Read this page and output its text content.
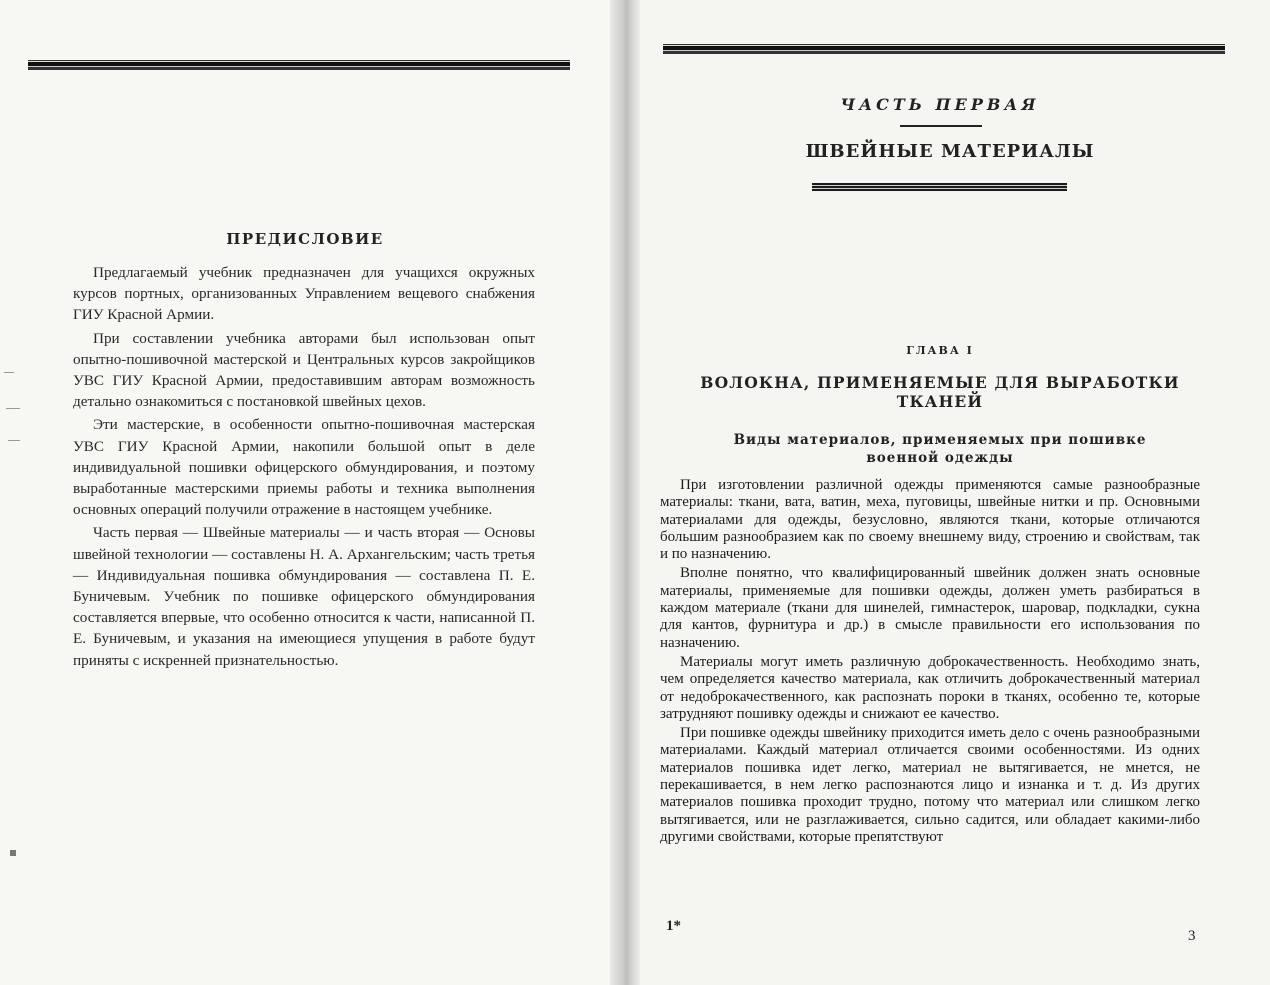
ПРЕДИСЛОВИЕ

Предлагаемый учебник предназначен для учащихся окружных курсов портных, организованных Управлением вещевого снабжения ГИУ Красной Армии.

При составлении учебника авторами был использован опыт опытно-пошивочной мастерской и Центральных курсов закройщиков УВС ГИУ Красной Армии, предоставившим авторам возможность детально ознакомиться с постановкой швейных цехов.

Эти мастерские, в особенности опытно-пошивочная мастерская УВС ГИУ Красной Армии, накопили большой опыт в деле индивидуальной пошивки офицерского обмундирования, и поэтому выработанные мастерскими приемы работы и техника выполнения основных операций получили отражение в настоящем учебнике.

Часть первая — Швейные материалы — и часть вторая — Основы швейной технологии — составлены Н. А. Архангельским; часть третья — Индивидуальная пошивка обмундирования — составлена П. Е. Буничевым. Учебник по пошивке офицерского обмундирования составляется впервые, что особенно относится к части, написанной П. Е. Буничевым, и указания на имеющиеся упущения в работе будут приняты с искренней признательностью.

ЧАСТЬ ПЕРВАЯ
ШВЕЙНЫЕ МАТЕРИАЛЫ
ГЛАВА I
ВОЛОКНА, ПРИМЕНЯЕМЫЕ ДЛЯ ВЫРАБОТКИ
ТКАНЕЙ
Виды материалов, применяемых при пошивке
военной одежды

При изготовлении различной одежды применяются самые разнообразные материалы: ткани, вата, ватин, меха, пуговицы, швейные нитки и пр. Основными материалами для одежды, безусловно, являются ткани, которые отличаются большим разнообразием как по своему внешнему виду, строению и свойствам, так и по назначению.

Вполне понятно, что квалифицированный швейник должен знать основные материалы, применяемые для пошивки одежды, должен уметь разбираться в каждом материале (ткани для шинелей, гимнастерок, шаровар, подкладки, сукна для кантов, фурнитура и др.) в смысле правильности его использования по назначению.

Материалы могут иметь различную доброкачественность. Необходимо знать, чем определяется качество материала, как отличить доброкачественный материал от недоброкачественного, как распознать пороки в тканях, особенно те, которые затрудняют пошивку одежды и снижают ее качество.

При пошивке одежды швейнику приходится иметь дело с очень разнообразными материалами. Каждый материал отличается своими особенностями. Из одних материалов пошивка идет легко, материал не вытягивается, не мнется, не перекашивается, в нем легко распознаются лицо и изнанка и т. д. Из других материалов пошивка проходит трудно, потому что материал или слишком легко вытягивается, или не разглаживается, сильно садится, или обладает какими-либо другими свойствами, которые препятствуют

1*
3
